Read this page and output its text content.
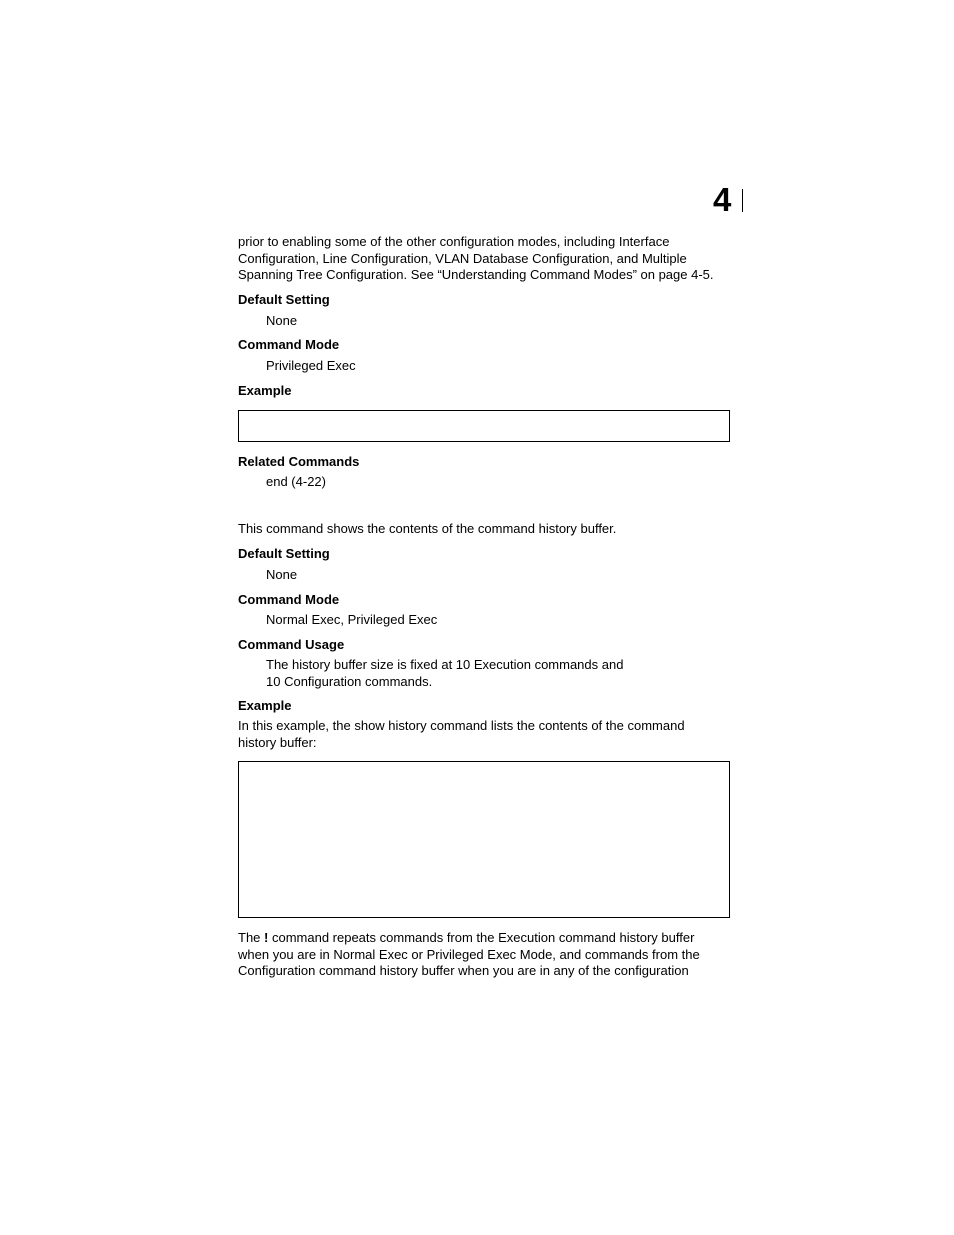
4
prior to enabling some of the other configuration modes, including Interface
Configuration, Line Configuration, VLAN Database Configuration, and Multiple
Spanning Tree Configuration. See “Understanding Command Modes” on page 4-5.
Default Setting
None
Command Mode
Privileged Exec
Example
Related Commands
end (4-22)
This command shows the contents of the command history buffer.
Default Setting
None
Command Mode
Normal Exec, Privileged Exec
Command Usage
The history buffer size is fixed at 10 Execution commands and
10 Configuration commands.
Example
In this example, the show history command lists the contents of the command
history buffer:
The ! command repeats commands from the Execution command history buffer
when you are in Normal Exec or Privileged Exec Mode, and commands from the
Configuration command history buffer when you are in any of the configuration
